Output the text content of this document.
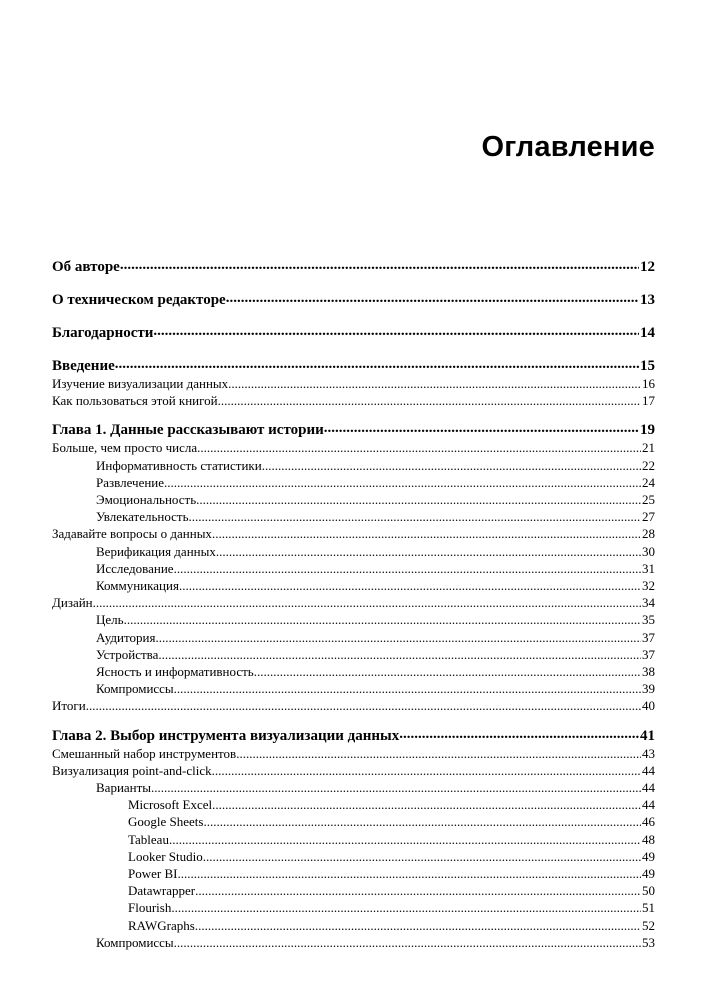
Оглавление
Об авторе .....	12
О техническом редакторе .....	13
Благодарности .....	14
Введение .....	15
Изучение визуализации данных .....	16
Как пользоваться этой книгой .....	17
Глава 1. Данные рассказывают истории .....	19
Больше, чем просто числа .....	21
Информативность статистики .....	22
Развлечение .....	24
Эмоциональность .....	25
Увлекательность .....	27
Задавайте вопросы о данных .....	28
Верификация данных .....	30
Исследование .....	31
Коммуникация .....	32
Дизайн .....	34
Цель .....	35
Аудитория .....	37
Устройства .....	37
Ясность и информативность .....	38
Компромиссы .....	39
Итоги .....	40
Глава 2. Выбор инструмента визуализации данных .....	41
Смешанный набор инструментов .....	43
Визуализация point-and-click .....	44
Варианты .....	44
Microsoft Excel .....	44
Google Sheets .....	46
Tableau .....	48
Looker Studio .....	49
Power BI .....	49
Datawrapper .....	50
Flourish .....	51
RAWGraphs .....	52
Компромиссы .....	53
